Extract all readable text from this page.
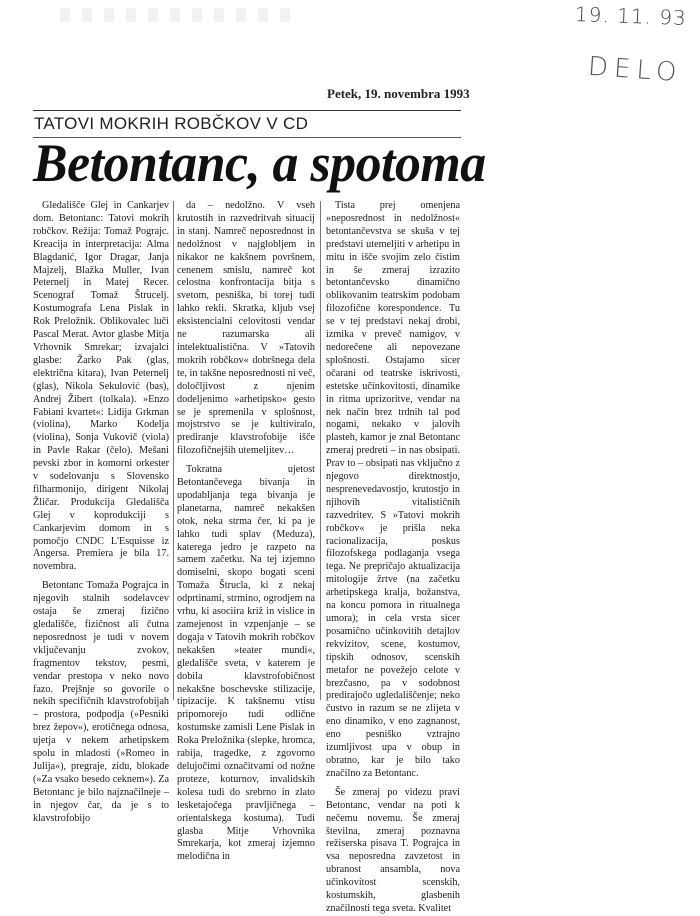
19. 11. 93
DELO
Petek, 19. novembra 1993
TATOVI MOKRIH ROBČKOV V CD
Betontanc, a spotoma

Gledališče Glej in Cankarjev dom. Betontanc: Tatovi mokrih robčkov. Režija: Tomaž Pograjc. Kreacija in interpretacija: Alma Blagdanić, Igor Dragar, Janja Majzelj, Blažka Muller, Ivan Peternelj in Matej Recer. Scenograf Tomaž Štrucelj. Kostumografa Lena Pislak in Rok Preložnik. Oblikovalec luči Pascal Merat. Avtor glasbe Mitja Vrhovnik Smrekar; izvajalci glasbe: Žarko Pak (glas, električna kitara), Ivan Peternelj (glas), Nikola Sekulović (bas), Andrej Žibert (tolkala). »Enzo Fabiani kvartet«: Lidija Grkman (violina), Marko Kodelja (violina), Sonja Vukovič (viola) in Pavle Rakar (čelo). Mešani pevski zbor in komorni orkester v sodelovanju s Slovensko filharmonijo, dirigent Nikolaj Žličar. Produkcija Gledališča Glej v koprodukciji s Cankarjevim domom in s pomočjo CNDC L'Esquisse iz Angersa. Premiera je bila 17. novembra.

Betontanc Tomaža Pograjca in njegovih stalnih sodelavcev ostaja še zmeraj fizično gledališče, fizičnost ali čutna neposrednost je tudi v novem vključevanju zvokov, fragmentov tekstov, pesmi, vendar prestopa v neko novo fazo. Prejšnje so govorile o nekih specifičnih klavstrofobijah – prostora, podpodja (»Pesniki brez žepov«), erotičnega odnosa, ujetja v nekem arhetipskem spolu in mladosti (»Romeo in Julija«), pregraje, zidu, blokade (»Za vsako besedo ceknem«). Za Betontanc je bilo najznačilneje – in njegov čar, da je s to klavstrofobijo

da – nedolžno. V vseh krutostih in razvedritvah situacij in stanj. Namreč neposrednost in nedolžnost v najglobljem in nikakor ne kakšnem površnem, cenenem smislu, namreč kot celostna konfrontacija bitja s svetom, pesniška, bi torej tudi lahko rekli. Skratka, kljub vsej eksistencialni celovitosti vendar ne razumarska ali intelektualistična. V »Tatovih mokrih robčkov« dobršnega dela te, in takšne neposrednosti ni več, določljivost z njenim dodeljenimo »arhetipsko« gesto se je spremenila v splošnost, mojstrstvo se je kultiviralo, prediranje klavstrofobije išče filozofičnejših utemeljitev…

Tokratna ujetost Betontančevega bivanja in upodabljanja tega bivanja je planetarna, namreč nekakšen otok, neka strma čer, ki pa je lahko tudi splav (Meduza), katerega jedro je razpeto na samem začetku. Na tej izjemno domiselni, skopo bogati sceni Tomaža Štrucla, ki z nekaj odprtinami, strmino, ogrodjem na vrhu, ki asociira križ in vislice in zamejenost in vzpenjanje – se dogaja v Tatovih mokrih robčkov nekakšen »teater mundi«, gledališče sveta, v katerem je dobila klavstrofobičnost nekakšne boschevske stilizacije, tipizacije. K takšnemu vtisu pripomorejo tudi odlične kostumske zamisli Lene Pislak in Roka Preložnika (slepke, hromca, rabija, tragedke, z zgovorno delujočimi označitvami od nožne proteze, koturnov, invalidskih kolesa tudi do srebrno in zlato lesketajočega pravljičnega – orientalskega kostuma). Tudi glasba Mitje Vrhovnika Smrekarja, kot zmeraj izjemno melodična in

Tista prej omenjena »neposrednost in nedolžnost« betontančevstva se skuša v tej predstavi utemeljiti v arhetipu in mitu in išče svojim zelo čistim in še zmeraj izrazito betontančevsko dinamično oblikovanim teatrskim podobam filozofične korespondence. Tu se v tej predstavi nekaj drobi, izmika v preveč namigov, v nedorečene ali nepovezane splošnosti. Ostajamo sicer očarani od teatrske iskrivosti, estetske učinkovitosti, dinamike in ritma uprizoritve, vendar na nek način brez trdnih tal pod nogami, nekako v jalovih plasteh, kamor je znal Betontanc zmeraj predreti – in nas obsipati. Prav to – obsipati nas vključno z njegovo direktnostjo, nesprenevedavostjo, krutostjo in njihovih vitalističnih razvedritev. S »Tatovi mokrih robčkov« je prišla neka racionalizacija, poskus filozofskega podlaganja vsega tega. Ne prepričajo aktualizacija mitologije žrtve (na začetku arhetipskega kralja, božanstva, na koncu pomora in ritualnega umora); in cela vrsta sicer posamično učinkovitih detajlov rekvizitov, scene, kostumov, tipskih odnosov, scenskih metafor ne povežejo celote v brezčasno, pa v sodobnost predirajočo ugledališčenje; neko čustvo in razum se ne zlijeta v eno dinamiko, v eno zagnanost, eno pesniško vztrajno izumljivost upa v obup in obratno, kar je bilo tako značilno za Betontanc.

Še zmeraj po videzu pravi Betontanc, vendar na poti k nečemu novemu. Še zmeraj številna, zmeraj poznavna režiserska pisava T. Pograjca in vsa neposredna zavzetost in ubranost ansambla, nova učinkovitost scenskih, kostumskih, glasbenih značilnosti tega sveta. Kvalitet
